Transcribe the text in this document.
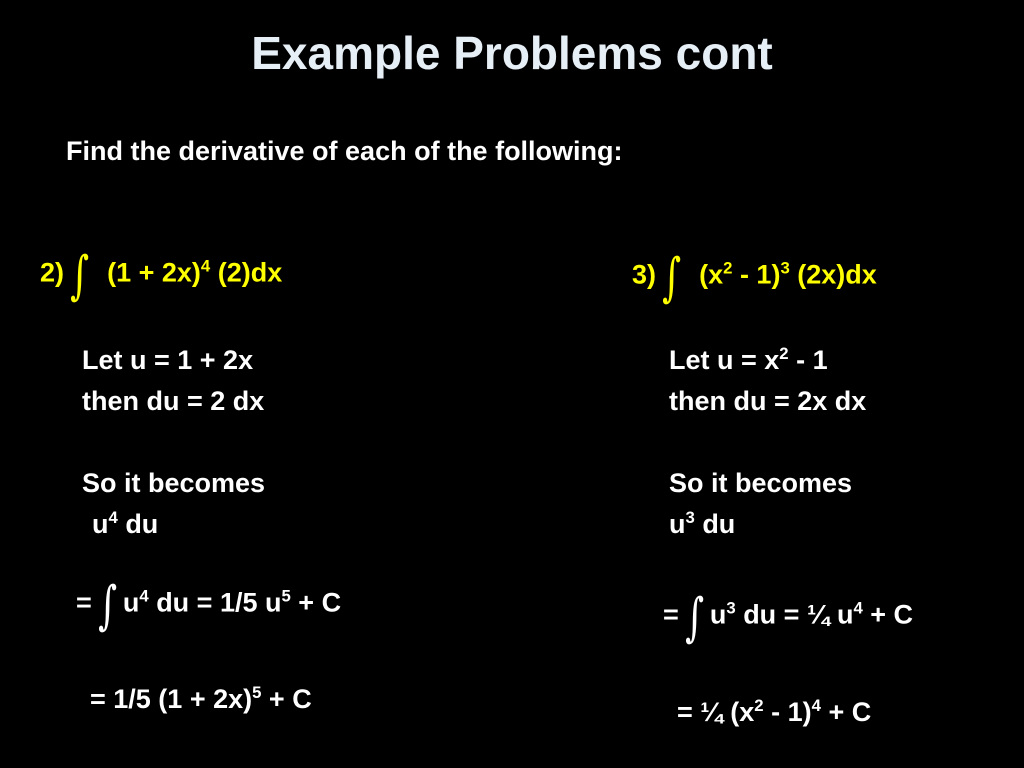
Example Problems cont
Find the derivative of each of the following:
2) ∫ $(1 + 2x)^4$ (2)dx
Let u = 1 + 2x
then du = 2 dx
So it becomes
$u^4$ du
= ∫ $u^4$ du = 1/5 $u^5 + C$
= 1/5 $(1 + 2x)^5 + C$
3) ∫ $(x^2 - 1)^3$ (2x)dx
Let $u = x^2 - 1$
then du = 2x dx
So it becomes
$u^3$ du
= ∫ $u^3$ du = ¼ $u^4 + C$
= ¼ $(x^2 - 1)^4 + C$
